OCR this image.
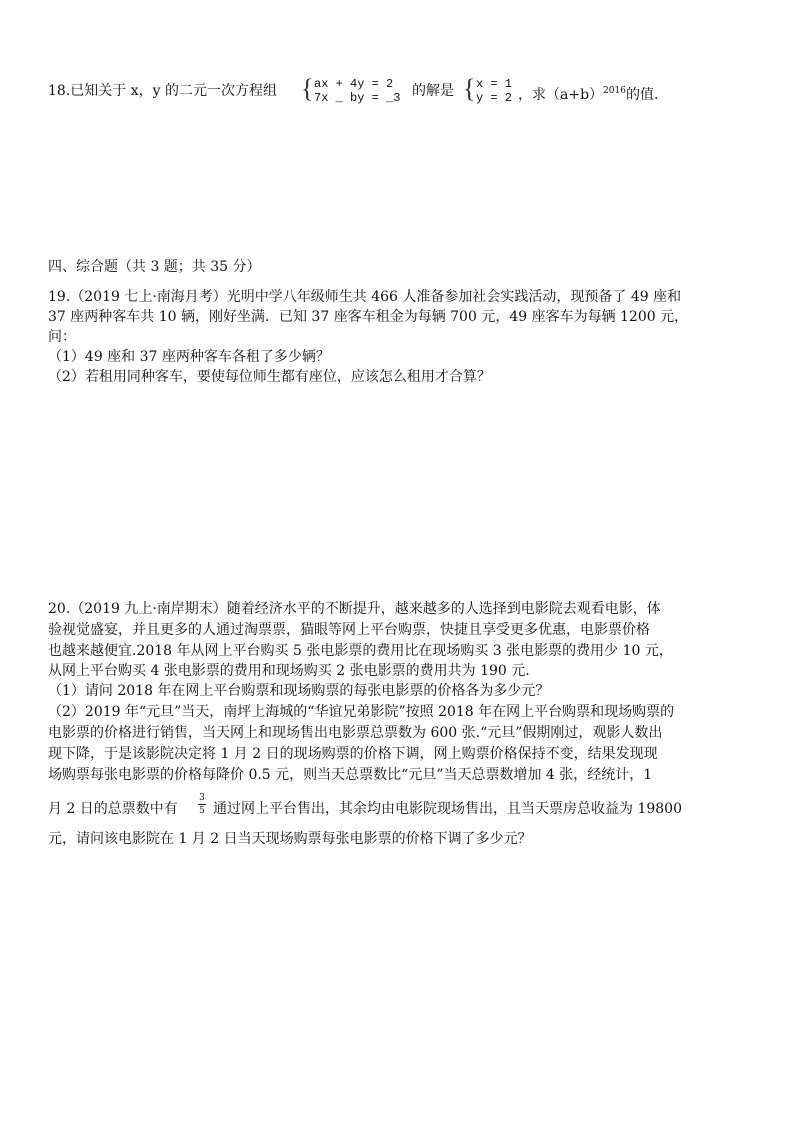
18.已知关于 x，y 的二元一次方程组 { ax + 4y = 2
7x _ by = _3 的解是 { x = 1
y = 2 ，求$(a+b)^{2016}$的值.
四、综合题（共 3 题；共 35 分）
19.（2019 七上·南海月考）光明中学八年级师生共 466 人准备参加社会实践活动，现预备了 49 座和
37 座两种客车共 10 辆，刚好坐满．已知 37 座客车租金为每辆 700 元，49 座客车为每辆 1200 元，
问：
（1）49 座和 37 座两种客车各租了多少辆？
（2）若租用同种客车，要使每位师生都有座位，应该怎么租用才合算？
20.（2019 九上·南岸期末）随着经济水平的不断提升，越来越多的人选择到电影院去观看电影，体
验视觉盛宴，并且更多的人通过淘票票，猫眼等网上平台购票，快捷且享受更多优惠，电影票价格
也越来越便宜.2018 年从网上平台购买 5 张电影票的费用比在现场购买 3 张电影票的费用少 10 元，
从网上平台购买 4 张电影票的费用和现场购买 2 张电影票的费用共为 190 元.
（1）请问 2018 年在网上平台购票和现场购票的每张电影票的价格各为多少元？
（2）2019 年“元旦”当天，南坪上海城的“华谊兄弟影院”按照 2018 年在网上平台购票和现场购票的
电影票的价格进行销售，当天网上和现场售出电影票总票数为 600 张.“元旦”假期刚过，观影人数出
现下降，于是该影院决定将 1 月 2 日的现场购票的价格下调，网上购票价格保持不变，结果发现现
场购票每张电影票的价格每降价 0.5 元，则当天总票数比“元旦”当天总票数增加 4 张，经统计，1
月 2 日的总票数中有
3
5 通过网上平台售出，其余均由电影院现场售出，且当天票房总收益为 19800
元，请问该电影院在 1 月 2 日当天现场购票每张电影票的价格下调了多少元？
